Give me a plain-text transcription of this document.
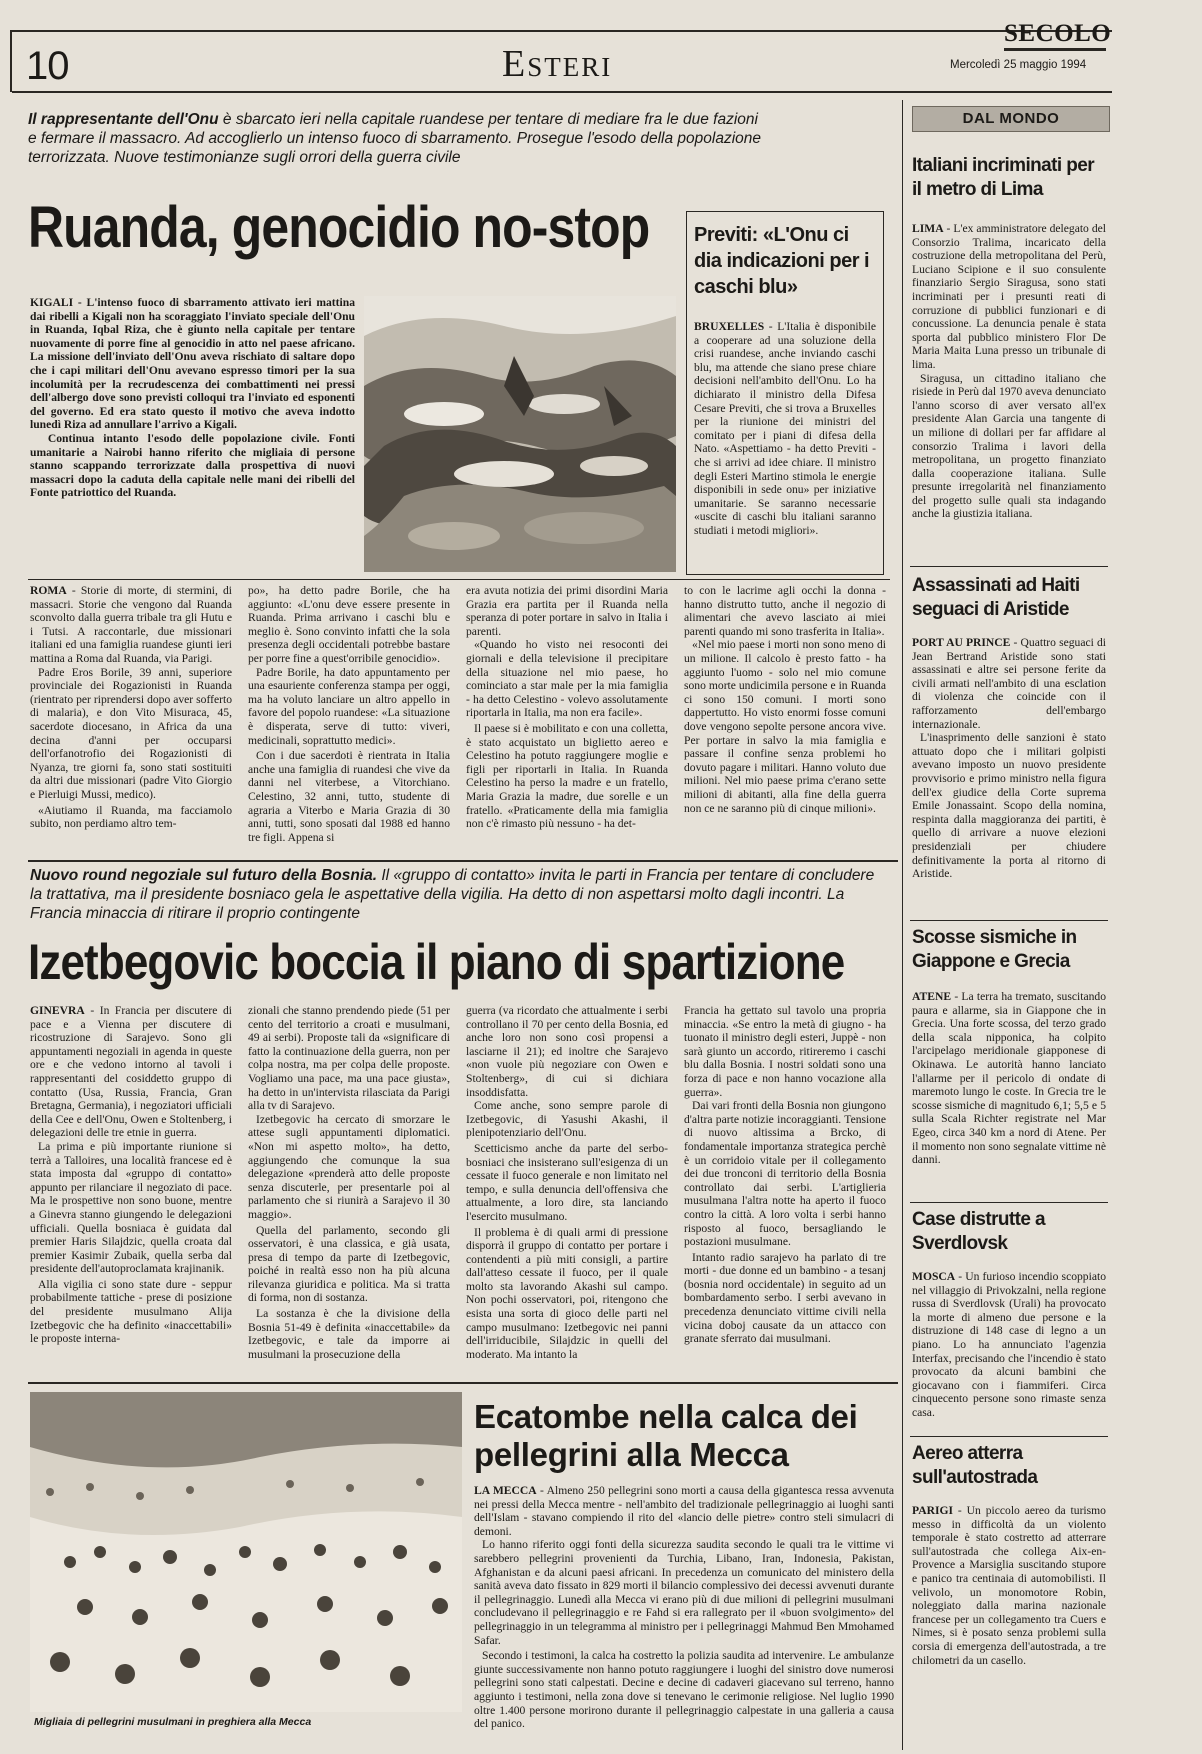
10	Esteri
SECOLO
Mercoledì 25 maggio 1994
Il rappresentante dell'Onu è sbarcato ieri nella capitale ruandese per tentare di mediare fra le due fazioni e fermare il massacro. Ad accoglierlo un intenso fuoco di sbarramento. Prosegue l'esodo della popolazione terrorizzata. Nuove testimonianze sugli orrori della guerra civile
Ruanda, genocidio no-stop
KIGALI - L'intenso fuoco di sbarramento attivato ieri mattina dai ribelli a Kigali non ha scoraggiato l'inviato speciale dell'Onu in Ruanda, Iqbal Riza, che è giunto nella capitale per tentare nuovamente di porre fine al genocidio in atto nel paese africano. La missione dell'inviato dell'Onu aveva rischiato di saltare dopo che i capi militari dell'Onu avevano espresso timori per la sua incolumità per la recrudescenza dei combattimenti nei pressi dell'albergo dove sono previsti colloqui tra l'inviato ed esponenti del governo. Ed era stato questo il motivo che aveva indotto lunedì Riza ad annullare l'arrivo a Kigali.
Continua intanto l'esodo delle popolazione civile. Fonti umanitarie a Nairobi hanno riferito che migliaia di persone stanno scappando terrorizzate dalla prospettiva di nuovi massacri dopo la caduta della capitale nelle mani dei ribelli del Fonte patriottico del Ruanda.
Previti: «L'Onu ci dia indicazioni per i caschi blu»
BRUXELLES - L'Italia è disponibile a cooperare ad una soluzione della crisi ruandese, anche inviando caschi blu, ma attende che siano prese chiare decisioni nell'ambito dell'Onu. Lo ha dichiarato il ministro della Difesa Cesare Previti, che si trova a Bruxelles per la riunione dei ministri del comitato per i piani di difesa della Nato. «Aspettiamo - ha detto Previti - che si arrivi ad idee chiare. Il ministro degli Esteri Martino stimola le energie disponibili in sede onu» per iniziative umanitarie. Se saranno necessarie «uscite di caschi blu italiani saranno studiati i metodi migliori».
ROMA - Storie di morte, di stermini, di massacri. Storie che vengono dal Ruanda sconvolto dalla guerra tribale tra gli Hutu e i Tutsi. A raccontarle, due missionari italiani ed una famiglia ruandese giunti ieri mattina a Roma dal Ruanda, via Parigi.

Padre Eros Borile, 39 anni, superiore provinciale dei Rogazionisti in Ruanda (rientrato per riprendersi dopo aver sofferto di malaria), e don Vito Misuraca, 45, sacerdote diocesano, in Africa da una decina d'anni per occuparsi dell'orfanotrofio dei Rogazionisti di Nyanza, tre giorni fa, sono stati sostituiti da altri due missionari (padre Vito Giorgio e Pierluigi Mussi, medico).

«Aiutiamo il Ruanda, ma facciamolo subito, non perdiamo altro tem-

po», ha detto padre Borile, che ha aggiunto: «L'onu deve essere presente in Ruanda. Prima arrivano i caschi blu e meglio è. Sono convinto infatti che la sola presenza degli occidentali potrebbe bastare per porre fine a quest'orribile genocidio».

Padre Borile, ha dato appuntamento per una esauriente conferenza stampa per oggi, ma ha voluto lanciare un altro appello in favore del popolo ruandese: «La situazione è disperata, serve di tutto: viveri, medicinali, soprattutto medici».

Con i due sacerdoti è rientrata in Italia anche una famiglia di ruandesi che vive da danni nel viterbese, a Vitorchiano. Celestino, 32 anni, tutto, studente di agraria a Viterbo e Maria Grazia di 30 anni, tutti, sono sposati dal 1988 ed hanno tre figli. Appena si

era avuta notizia dei primi disordini Maria Grazia era partita per il Ruanda nella speranza di poter portare in salvo in Italia i parenti.

«Quando ho visto nei resoconti dei giornali e della televisione il precipitare della situazione nel mio paese, ho cominciato a star male per la mia famiglia - ha detto Celestino - volevo assolutamente riportarla in Italia, ma non era facile».

Il paese si è mobilitato e con una colletta, è stato acquistato un biglietto aereo e Celestino ha potuto raggiungere moglie e figli per riportarli in Italia. In Ruanda Celestino ha perso la madre e un fratello, Maria Grazia la madre, due sorelle e un fratello. «Praticamente della mia famiglia non c'è rimasto più nessuno - ha det-

to con le lacrime agli occhi la donna - hanno distrutto tutto, anche il negozio di alimentari che avevo lasciato ai miei parenti quando mi sono trasferita in Italia».

«Nel mio paese i morti non sono meno di un milione. Il calcolo è presto fatto - ha aggiunto l'uomo - solo nel mio comune sono morte undicimila persone e in Ruanda ci sono 150 comuni. I morti sono dappertutto. Ho visto enormi fosse comuni dove vengono sepolte persone ancora vive. Per portare in salvo la mia famiglia e passare il confine senza problemi ho dovuto pagare i militari. Hanno voluto due milioni. Nel mio paese prima c'erano sette milioni di abitanti, alla fine della guerra non ce ne saranno più di cinque milioni».

Nuovo round negoziale sul futuro della Bosnia. Il «gruppo di contatto» invita le parti in Francia per tentare di concludere la trattativa, ma il presidente bosniaco gela le aspettative della vigilia. Ha detto di non aspettarsi molto dagli incontri. La Francia minaccia di ritirare il proprio contingente
Izetbegovic boccia il piano di spartizione
GINEVRA - In Francia per discutere di pace e a Vienna per discutere di ricostruzione di Sarajevo. Sono gli appuntamenti negoziali in agenda in queste ore e che vedono intorno al tavoli i rappresentanti del cosiddetto gruppo di contatto (Usa, Russia, Francia, Gran Bretagna, Germania), i negoziatori ufficiali della Cee e dell'Onu, Owen e Stoltenberg, i delegazioni delle tre etnie in guerra.

La prima e più importante riunione si terrà a Talloires, una località francese ed è stata imposta dal «gruppo di contatto» appunto per rilanciare il negoziato di pace. Ma le prospettive non sono buone, mentre a Ginevra stanno giungendo le delegazioni ufficiali. Quella bosniaca è guidata dal premier Haris Silajdzic, quella croata dal premier Kasimir Zubaik, quella serba dal presidente dell'autoproclamata krajinanik.

Alla vigilia ci sono state dure - seppur probabilmente tattiche - prese di posizione del presidente musulmano Alija Izetbegovic che ha definito «inaccettabili» le proposte interna-

zionali che stanno prendendo piede (51 per cento del territorio a croati e musulmani, 49 ai serbi). Proposte tali da «significare di fatto la continuazione della guerra, non per colpa nostra, ma per colpa delle proposte. Vogliamo una pace, ma una pace giusta», ha detto in un'intervista rilasciata da Parigi alla tv di Sarajevo.

Izetbegovic ha cercato di smorzare le attese sugli appuntamenti diplomatici. «Non mi aspetto molto», ha detto, aggiungendo che comunque la sua delegazione «prenderà atto delle proposte senza discuterle, per presentarle poi al parlamento che si riunirà a Sarajevo il 30 maggio».

Quella del parlamento, secondo gli osservatori, è una classica, e già usata, presa di tempo da parte di Izetbegovic, poiché in realtà esso non ha più alcuna rilevanza giuridica e politica. Ma si tratta di forma, non di sostanza.

La sostanza è che la divisione della Bosnia 51-49 è definita «inaccettabile» da Izetbegovic, e tale da imporre ai musulmani la prosecuzione della

guerra (va ricordato che attualmente i serbi controllano il 70 per cento della Bosnia, ed anche loro non sono così propensi a lasciarne il 21); ed inoltre che Sarajevo «non vuole più negoziare con Owen e Stoltenberg», di cui si dichiara insoddisfatta.

Come anche, sono sempre parole di Izetbegovic, di Yasushi Akashi, il plenipotenziario dell'Onu.

Scetticismo anche da parte del serbo-bosniaci che insisterano sull'esigenza di un cessate il fuoco generale e non limitato nel tempo, e sulla denuncia dell'offensiva che attualmente, a loro dire, sta lanciando l'esercito musulmano.

Il problema è di quali armi di pressione disporrà il gruppo di contatto per portare i contendenti a più miti consigli, a partire dall'atteso cessate il fuoco, per il quale molto sta lavorando Akashi sul campo. Non pochi osservatori, poi, ritengono che esista una sorta di gioco delle parti nel campo musulmano: Izetbegovic nei panni dell'irriducibile, Silajdzic in quelli del moderato. Ma intanto la

Francia ha gettato sul tavolo una propria minaccia. «Se entro la metà di giugno - ha tuonato il ministro degli esteri, Juppè - non sarà giunto un accordo, ritireremo i caschi blu dalla Bosnia. I nostri soldati sono una forza di pace e non hanno vocazione alla guerra».

Dai vari fronti della Bosnia non giungono d'altra parte notizie incoraggianti. Tensione di nuovo altissima a Brcko, di fondamentale importanza strategica perchè è un corridoio vitale per il collegamento dei due tronconi di territorio della Bosnia controllato dai serbi. L'artiglieria musulmana l'altra notte ha aperto il fuoco contro la città. A loro volta i serbi hanno risposto al fuoco, bersagliando le postazioni musulmane.

Intanto radio sarajevo ha parlato di tre morti - due donne ed un bambino - a tesanj (bosnia nord occidentale) in seguito ad un bombardamento serbo. I serbi avevano in precedenza denunciato vittime civili nella vicina doboj causate da un attacco con granate sferrato dai musulmani.

Migliaia di pellegrini musulmani in preghiera alla Mecca
Ecatombe nella calca dei pellegrini alla Mecca
LA MECCA - Almeno 250 pellegrini sono morti a causa della gigantesca ressa avvenuta nei pressi della Mecca mentre - nell'ambito del tradizionale pellegrinaggio ai luoghi santi dell'Islam - stavano compiendo il rito del «lancio delle pietre» contro steli simulacri di demoni.

Lo hanno riferito oggi fonti della sicurezza saudita secondo le quali tra le vittime vi sarebbero pellegrini provenienti da Turchia, Libano, Iran, Indonesia, Pakistan, Afghanistan e da alcuni paesi africani. In precedenza un comunicato del ministero della sanità aveva dato fissato in 829 morti il bilancio complessivo dei decessi avvenuti durante il pellegrinaggio. Lunedì alla Mecca vi erano più di due milioni di pellegrini musulmani concludevano il pellegrinaggio e re Fahd si era rallegrato per il «buon svolgimento» del pellegrinaggio in un telegramma al ministro per i pellegrinaggi Mahmud Ben Mmohamed Safar.

Secondo i testimoni, la calca ha costretto la polizia saudita ad intervenire. Le ambulanze giunte successivamente non hanno potuto raggiungere i luoghi del sinistro dove numerosi pellegrini sono stati calpestati. Decine e decine di cadaveri giacevano sul terreno, hanno aggiunto i testimoni, nella zona dove si tenevano le cerimonie religiose. Nel luglio 1990 oltre 1.400 persone morirono durante il pellegrinaggio calpestate in una galleria a causa del panico.

DAL MONDO
Italiani incriminati per il metro di Lima
LIMA - L'ex amministratore delegato del Consorzio Tralima, incaricato della costruzione della metropolitana del Perù, Luciano Scipione e il suo consulente finanziario Sergio Siragusa, sono stati incriminati per i presunti reati di corruzione di pubblici funzionari e di concussione. La denuncia penale è stata sporta dal pubblico ministero Flor De Maria Maita Luna presso un tribunale di lima.

Siragusa, un cittadino italiano che risiede in Perù dal 1970 aveva denunciato l'anno scorso di aver versato all'ex presidente Alan Garcia una tangente di un milione di dollari per far affidare al consorzio Tralima i lavori della metropolitana, un progetto finanziato dalla cooperazione italiana. Sulle presunte irregolarità nel finanziamento del progetto sulle quali sta indagando anche la giustizia italiana.

Assassinati ad Haiti seguaci di Aristide
PORT AU PRINCE - Quattro seguaci di Jean Bertrand Aristide sono stati assassinati e altre sei persone ferite da civili armati nell'ambito di una esclation di violenza che coincide con il rafforzamento dell'embargo internazionale.

L'inasprimento delle sanzioni è stato attuato dopo che i militari golpisti avevano imposto un nuovo presidente provvisorio e primo ministro nella figura dell'ex giudice della Corte suprema Emile Jonassaint. Scopo della nomina, respinta dalla maggioranza dei partiti, è quello di arrivare a nuove elezioni presidenziali per chiudere definitivamente la porta al ritorno di Aristide.

Scosse sismiche in Giappone e Grecia
ATENE - La terra ha tremato, suscitando paura e allarme, sia in Giappone che in Grecia. Una forte scossa, del terzo grado della scala nipponica, ha colpito l'arcipelago meridionale giapponese di Okinawa. Le autorità hanno lanciato l'allarme per il pericolo di ondate di maremoto lungo le coste. In Grecia tre le scosse sismiche di magnitudo 6,1; 5,5 e 5 sulla Scala Richter registrate nel Mar Egeo, circa 340 km a nord di Atene. Per il momento non sono segnalate vittime nè danni.
Case distrutte a Sverdlovsk
MOSCA - Un furioso incendio scoppiato nel villaggio di Privokzalni, nella regione russa di Sverdlovsk (Urali) ha provocato la morte di almeno due persone e la distruzione di 148 case di legno a un piano. Lo ha annunciato l'agenzia Interfax, precisando che l'incendio è stato provocato da alcuni bambini che giocavano con i fiammiferi. Circa cinquecento persone sono rimaste senza casa.
Aereo atterra sull'autostrada
PARIGI - Un piccolo aereo da turismo messo in difficoltà da un violento temporale è stato costretto ad atterrare sull'autostrada che collega Aix-en-Provence a Marsiglia suscitando stupore e panico tra centinaia di automobilisti. Il velivolo, un monomotore Robin, noleggiato dalla marina nazionale francese per un collegamento tra Cuers e Nimes, si è posato senza problemi sulla corsia di emergenza dell'autostrada, a tre chilometri da un casello.
